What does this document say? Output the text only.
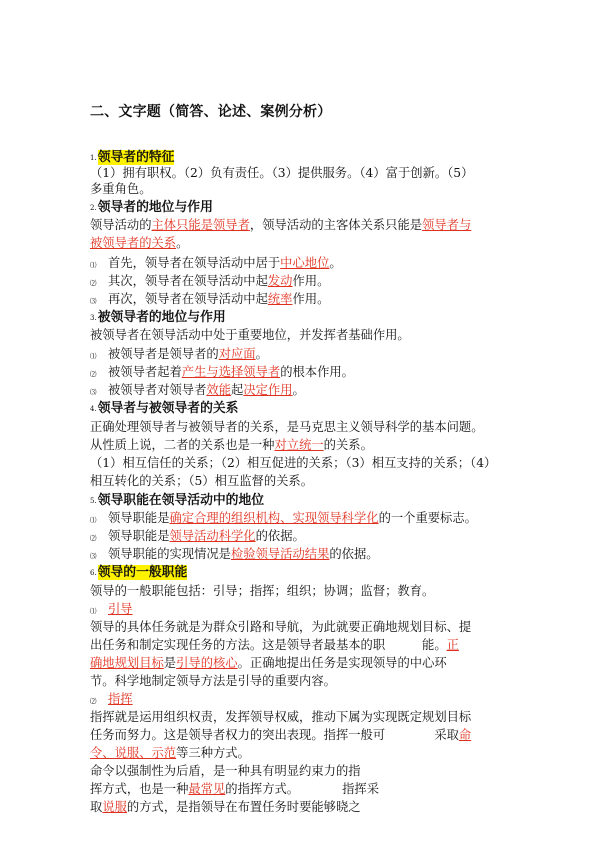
二、文字题（简答、论述、案例分析）
1.领导者的特征
（1）拥有职权。（2）负有责任。（3）提供服务。（4）富于创新。（5）
多重角色。
2.领导者的地位与作用
领导活动的主体只能是领导者，领导活动的主客体关系只能是领导者与
被领导者的关系。
⑴ 首先，领导者在领导活动中居于中心地位。
⑵ 其次，领导者在领导活动中起发动作用。
⑶ 再次，领导者在领导活动中起统率作用。
3.被领导者的地位与作用
被领导者在领导活动中处于重要地位，并发挥者基础作用。
⑴ 被领导者是领导者的对应面。
⑵ 被领导者起着产生与选择领导者的根本作用。
⑶ 被领导者对领导者效能起决定作用。
4.领导者与被领导者的关系
正确处理领导者与被领导者的关系，是马克思主义领导科学的基本问题。
从性质上说，二者的关系也是一种对立统一的关系。
（1）相互信任的关系；（2）相互促进的关系；（3）相互支持的关系；（4）
相互转化的关系；（5）相互监督的关系。
5.领导职能在领导活动中的地位
⑴ 领导职能是确定合理的组织机构、实现领导科学化的一个重要标志。
⑵ 领导职能是领导活动科学化的依据。
⑶ 领导职能的实现情况是检验领导活动结果的依据。
6.领导的一般职能
领导的一般职能包括：引导；指挥；组织；协调；监督；教育。
⑴ 引导
领导的具体任务就是为群众引路和导航，为此就要正确地规划目标、提
出任务和制定实现任务的方法。这是领导者最基本的职　　　能。正
确地规划目标是引导的核心。正确地提出任务是实现领导的中心环
节。科学地制定领导方法是引导的重要内容。
⑵ 指挥
指挥就是运用组织权责，发挥领导权威，推动下属为实现既定规划目标
任务而努力。这是领导者权力的突出表现。指挥一般可　　　　采取命
令、说服、示范等三种方式。
命令以强制性为后盾，是一种具有明显约束力的指
挥方式，也是一种最常见的指挥方式。　　　　指挥采
取说服的方式，是指领导在布置任务时要能够晓之
